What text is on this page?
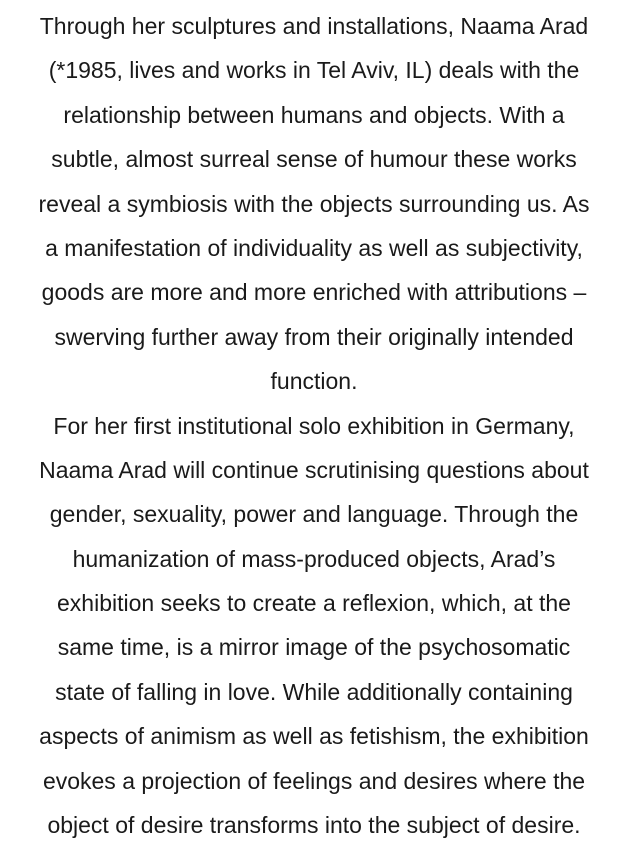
Through her sculptures and installations, Naama Arad
(*1985, lives and works in Tel Aviv, IL) deals with the
relationship between humans and objects. With a
subtle, almost surreal sense of humour these works
reveal a symbiosis with the objects surrounding us. As
a manifestation of individuality as well as subjectivity,
goods are more and more enriched with attributions –
swerving further away from their originally intended
function.
For her first institutional solo exhibition in Germany,
Naama Arad will continue scrutinising questions about
gender, sexuality, power and language. Through the
humanization of mass-produced objects, Arad’s
exhibition seeks to create a reflexion, which, at the
same time, is a mirror image of the psychosomatic
state of falling in love. While additionally containing
aspects of animism as well as fetishism, the exhibition
evokes a projection of feelings and desires where the
object of desire transforms into the subject of desire.
